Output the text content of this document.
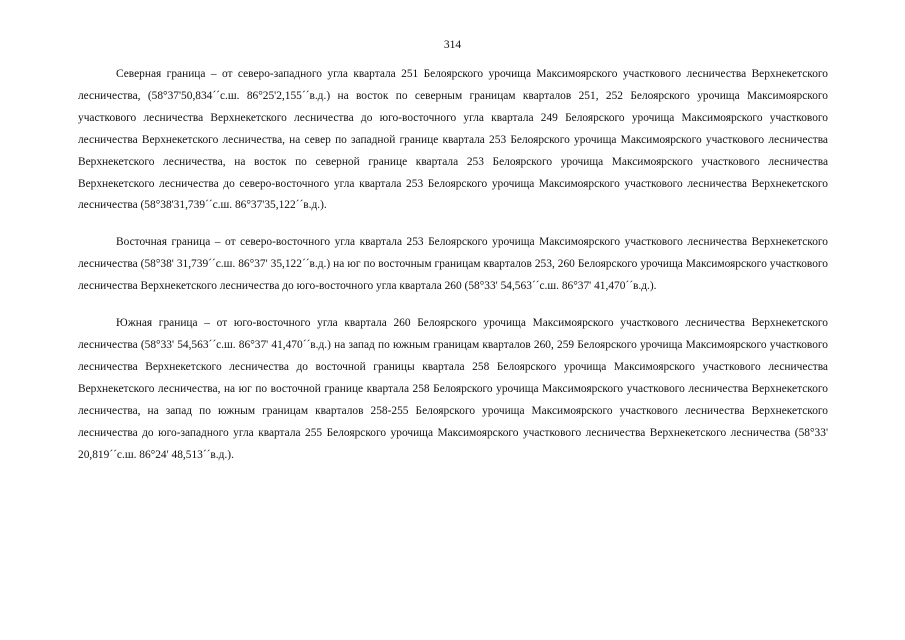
314

Северная граница – от северо-западного угла квартала 251 Белоярского урочища Максимоярского участкового лесничества Верхнекетского лесничества, (58°37'50,834´´с.ш. 86°25'2,155´´в.д.) на восток по северным границам кварталов 251, 252 Белоярского урочища Максимоярского участкового лесничества Верхнекетского лесничества до юго-восточного угла квартала 249 Белоярского урочища Максимоярского участкового лесничества Верхнекетского лесничества, на север по западной границе квартала 253 Белоярского урочища Максимоярского участкового лесничества Верхнекетского лесничества, на восток по северной границе квартала 253 Белоярского урочища Максимоярского участкового лесничества Верхнекетского лесничества до северо-восточного угла квартала 253 Белоярского урочища Максимоярского участкового лесничества Верхнекетского лесничества (58°38'31,739´´с.ш. 86°37'35,122´´в.д.).

Восточная граница – от северо-восточного угла квартала 253 Белоярского урочища Максимоярского участкового лесничества Верхнекетского лесничества (58°38' 31,739´´с.ш. 86°37' 35,122´´в.д.) на юг по восточным границам кварталов 253, 260 Белоярского урочища Максимоярского участкового лесничества Верхнекетского лесничества до юго-восточного угла квартала 260 (58°33' 54,563´´с.ш. 86°37' 41,470´´в.д.).

Южная граница – от юго-восточного угла квартала 260 Белоярского урочища Максимоярского участкового лесничества Верхнекетского лесничества (58°33' 54,563´´с.ш. 86°37' 41,470´´в.д.) на запад по южным границам кварталов 260, 259 Белоярского урочища Максимоярского участкового лесничества Верхнекетского лесничества до восточной границы квартала 258 Белоярского урочища Максимоярского участкового лесничества Верхнекетского лесничества, на юг по восточной границе квартала 258 Белоярского урочища Максимоярского участкового лесничества Верхнекетского лесничества, на запад по южным границам кварталов 258-255 Белоярского урочища Максимоярского участкового лесничества Верхнекетского лесничества до юго-западного угла квартала 255 Белоярского урочища Максимоярского участкового лесничества Верхнекетского лесничества (58°33' 20,819´´с.ш. 86°24' 48,513´´в.д.).
